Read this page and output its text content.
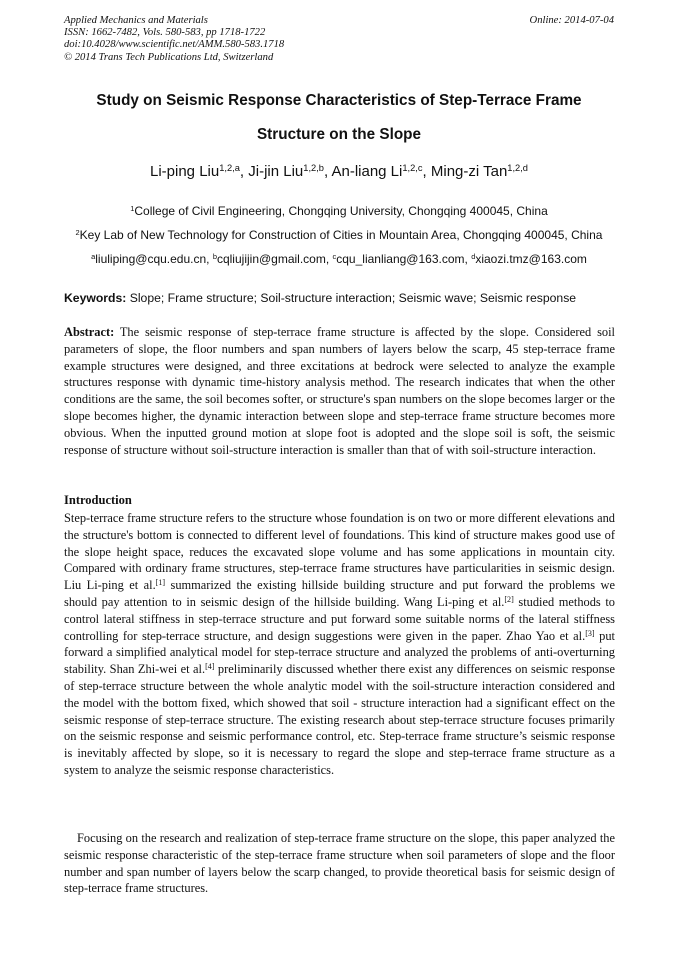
Applied Mechanics and Materials
ISSN: 1662-7482, Vols. 580-583, pp 1718-1722
doi:10.4028/www.scientific.net/AMM.580-583.1718
© 2014 Trans Tech Publications Ltd, Switzerland
Online: 2014-07-04
Study on Seismic Response Characteristics of Step-Terrace Frame
Structure on the Slope
Li-ping Liu$^{1,2,a}$, Ji-jin Liu$^{1,2,b}$, An-liang Li$^{1,2,c}$, Ming-zi Tan$^{1,2,d}$
$^1$College of Civil Engineering, Chongqing University, Chongqing 400045, China
$^2$Key Lab of New Technology for Construction of Cities in Mountain Area, Chongqing 400045, China
$^a$liuliping@cqu.edu.cn, $^b$cqliujijin@gmail.com, $^c$cqu_lianliang@163.com, $^d$xiaozi.tmz@163.com
Keywords: Slope; Frame structure; Soil-structure interaction; Seismic wave; Seismic response
Abstract: The seismic response of step-terrace frame structure is affected by the slope. Considered soil parameters of slope, the floor numbers and span numbers of layers below the scarp, 45 step-terrace frame example structures were designed, and three excitations at bedrock were selected to analyze the example structures response with dynamic time-history analysis method. The research indicates that when the other conditions are the same, the soil becomes softer, or structure's span numbers on the slope becomes larger or the slope becomes higher, the dynamic interaction between slope and step-terrace frame structure becomes more obvious. When the inputted ground motion at slope foot is adopted and the slope soil is soft, the seismic response of structure without soil-structure interaction is smaller than that of with soil-structure interaction.
Introduction
Step-terrace frame structure refers to the structure whose foundation is on two or more different elevations and the structure's bottom is connected to different level of foundations. This kind of structure makes good use of the slope height space, reduces the excavated slope volume and has some applications in mountain city. Compared with ordinary frame structures, step-terrace frame structures have particularities in seismic design. Liu Li-ping et al.[1] summarized the existing hillside building structure and put forward the problems we should pay attention to in seismic design of the hillside building. Wang Li-ping et al.[2] studied methods to control lateral stiffness in step-terrace structure and put forward some suitable norms of the lateral stiffness controlling for step-terrace structure, and design suggestions were given in the paper. Zhao Yao et al.[3] put forward a simplified analytical model for step-terrace structure and analyzed the problems of anti-overturning stability. Shan Zhi-wei et al.[4] preliminarily discussed whether there exist any differences on seismic response of step-terrace structure between the whole analytic model with the soil-structure interaction considered and the model with the bottom fixed, which showed that soil - structure interaction had a significant effect on the seismic response of step-terrace structure. The existing research about step-terrace structure focuses primarily on the seismic response and seismic performance control, etc. Step-terrace frame structure’s seismic response is inevitably affected by slope, so it is necessary to regard the slope and step-terrace frame structure as a system to analyze the seismic response characteristics.
Focusing on the research and realization of step-terrace frame structure on the slope, this paper analyzed the seismic response characteristic of the step-terrace frame structure when soil parameters of slope and the floor number and span number of layers below the scarp changed, to provide theoretical basis for seismic design of step-terrace frame structures.
